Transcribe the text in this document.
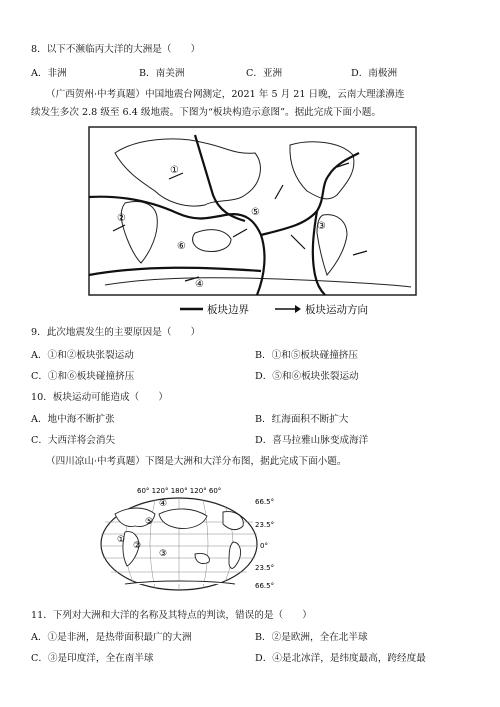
8．以下不濒临丙大洋的大洲是（　　）
A．非洲	B．南美洲	C．亚洲	D．南极洲
（广西贺州·中考真题）中国地震台网测定，2021 年 5 月 21 日晚，云南大理漾濞连
续发生多次 2.8 级至 6.4 级地震。下图为“板块构造示意图”。据此完成下面小题。
①
②
③
④
⑤
⑥
板块边界	板块运动方向
9．此次地震发生的主要原因是（　　）
A．①和②板块张裂运动	B．①和⑤板块碰撞挤压
C．①和⑥板块碰撞挤压	D．⑤和⑥板块张裂运动
10．板块运动可能造成（　　）
A．地中海不断扩张	B．红海面积不断扩大
C．大西洋将会消失	D．喜马拉雅山脉变成海洋
（四川凉山·中考真题）下图是大洲和大洋分布图，据此完成下面小题。
60° 120° 180° 120° 60°
66.5°
23.5°
0°
23.5°
66.5°
④
⑤
①
②
③
11．下列对大洲和大洋的名称及其特点的判读，错误的是（　　）
A．①是非洲，是热带面积最广的大洲	B．②是欧洲，全在北半球
C．③是印度洋，全在南半球	D．④是北冰洋，是纬度最高，跨经度最
